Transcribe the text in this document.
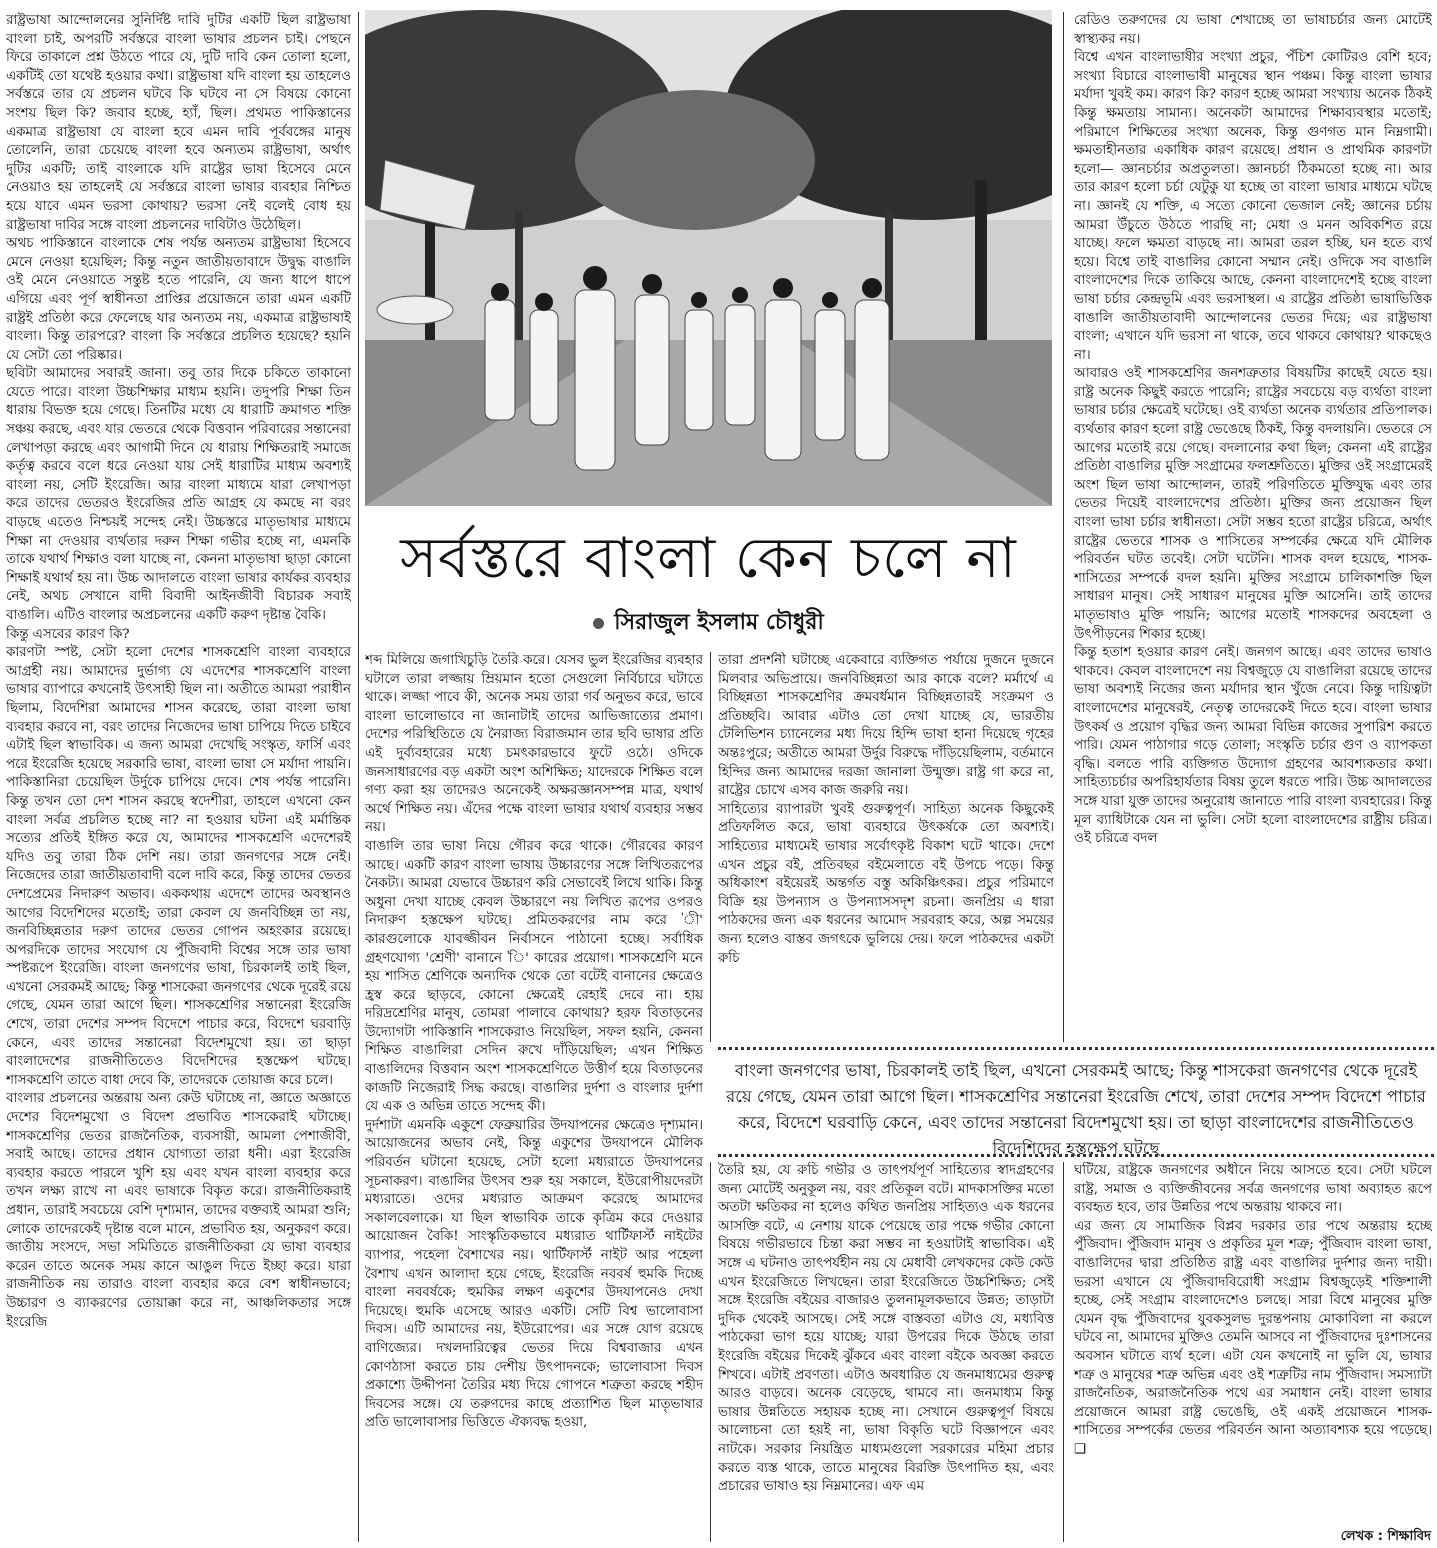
রাষ্ট্রভাষা আন্দোলনের সুনির্দিষ্ট দাবি দুটির একটি ছিল রাষ্ট্রভাষা বাংলা চাই, অপরটি সর্বস্তরে বাংলা ভাষার প্রচলন চাই। পেছনে ফিরে তাকালে প্রশ্ন উঠতে পারে যে, দুটি দাবি কেন তোলা হলো, একটিই তো যথেষ্ট হওয়ার কথা। রাষ্ট্রভাষা যদি বাংলা হয় তাহলেও সর্বস্তরে তার যে প্রচলন ঘটবে কি ঘটবে না সে বিষয়ে কোনো সংশয় ছিল কি? জবাব হচ্ছে, হ্যাঁ, ছিল। প্রথমত পাকিস্তানের একমাত্র রাষ্ট্রভাষা যে বাংলা হবে এমন দাবি পূর্ববঙ্গের মানুষ তোলেনি, তারা চেয়েছে বাংলা হবে অন্যতম রাষ্ট্রভাষা, অর্থাৎ দুটির একটি; তাই বাংলাকে যদি রাষ্ট্রের ভাষা হিসেবে মেনে নেওয়াও হয় তাহলেই যে সর্বস্তরে বাংলা ভাষার ব্যবহার নিশ্চিত হয়ে যাবে এমন ভরসা কোথায়? ভরসা নেই বলেই বোধ হয় রাষ্ট্রভাষা দাবির সঙ্গে বাংলা প্রচলনের দাবিটাও উঠেছিল।

অথচ পাকিস্তানে বাংলাকে শেষ পর্যন্ত অন্যতম রাষ্ট্রভাষা হিসেবে মেনে নেওয়া হয়েছিল; কিন্তু নতুন জাতীয়তাবাদে উদ্বুদ্ধ বাঙালি ওই মেনে নেওয়াতে সন্তুষ্ট হতে পারেনি, যে জন্য ধাপে ধাপে এগিয়ে এবং পূর্ণ স্বাধীনতা প্রাপ্তির প্রয়োজনে তারা এমন একটি রাষ্ট্রই প্রতিষ্ঠা করে ফেলেছে যার অন্যতম নয়, একমাত্র রাষ্ট্রভাষাই বাংলা। কিন্তু তারপরে? বাংলা কি সর্বস্তরে প্রচলিত হয়েছে? হয়নি যে সেটা তো পরিষ্কার।

ছবিটা আমাদের সবারই জানা। তবু তার দিকে চকিতে তাকানো যেতে পারে। বাংলা উচ্চশিক্ষার মাধ্যম হয়নি। তদুপরি শিক্ষা তিন ধারায় বিভক্ত হয়ে গেছে। তিনটির মধ্যে যে ধারাটি ক্রমাগত শক্তি সঞ্চয় করছে, এবং যার ভেতরে থেকে বিত্তবান পরিবারের সন্তানেরা লেখাপড়া করছে এবং আগামী দিনে যে ধারায় শিক্ষিতরাই সমাজে কর্তৃত্ব করবে বলে ধরে নেওয়া যায় সেই ধারাটির মাধ্যম অবশ্যই বাংলা নয়, সেটি ইংরেজি। আর বাংলা মাধ্যমে যারা লেখাপড়া করে তাদের ভেতরও ইংরেজির প্রতি আগ্রহ যে কমছে না বরং বাড়ছে এতেও নিশ্চয়ই সন্দেহ নেই। উচ্চস্তরে মাতৃভাষার মাধ্যমে শিক্ষা না দেওয়ার ব্যর্থতার দরুন শিক্ষা গভীর হচ্ছে না, এমনকি তাকে যথার্থ শিক্ষাও বলা যাচ্ছে না, কেননা মাতৃভাষা ছাড়া কোনো শিক্ষাই যথার্থ হয় না। উচ্চ আদালতে বাংলা ভাষার কার্যকর ব্যবহার নেই, অথচ সেখানে বাদী বিবাদী আইনজীবী বিচারক সবাই বাঙালি। এটিও বাংলার অপ্রচলনের একটি করুণ দৃষ্টান্ত বৈকি।

কিন্তু এসবের কারণ কি?

কারণটা স্পষ্ট, সেটা হলো দেশের শাসকশ্রেণি বাংলা ব্যবহারে আগ্রহী নয়। আমাদের দুর্ভাগ্য যে এদেশের শাসকশ্রেণি বাংলা ভাষার ব্যাপারে কখনোই উৎসাহী ছিল না। অতীতে আমরা পরাধীন ছিলাম, বিদেশিরা আমাদের শাসন করেছে, তারা বাংলা ভাষা ব্যবহার করবে না, বরং তাদের নিজেদের ভাষা চাপিয়ে দিতে চাইবে এটাই ছিল স্বাভাবিক। এ জন্য আমরা দেখেছি সংস্কৃত, ফার্সি এবং পরে ইংরেজি হয়েছে সরকারি ভাষা, বাংলা ভাষা সে মর্যাদা পায়নি। পাকিস্তানিরা চেয়েছিল উর্দুকে চাপিয়ে দেবে। শেষ পর্যন্ত পারেনি। কিন্তু তখন তো দেশ শাসন করছে স্বদেশীরা, তাহলে এখনো কেন বাংলা সর্বত্র প্রচলিত হচ্ছে না? না হওয়ার ঘটনা এই মর্মান্তিক সত্যের প্রতিই ইঙ্গিত করে যে, আমাদের শাসকশ্রেণি এদেশেরই যদিও তবু তারা ঠিক দেশি নয়। তারা জনগণের সঙ্গে নেই। নিজেদের তারা জাতীয়তাবাদী বলে দাবি করে, কিন্তু তাদের ভেতর দেশপ্রেমের নিদারুণ অভাব। এককথায় এদেশে তাদের অবস্থানও আগের বিদেশিদের মতোই; তারা কেবল যে জনবিচ্ছিন্ন তা নয়, জনবিচ্ছিন্নতার দরুণ তাদের ভেতর গোপন অহংকার রয়েছে। অপরদিকে তাদের সংযোগ যে পুঁজিবাদী বিশ্বের সঙ্গে তার ভাষা স্পষ্টরূপে ইংরেজি। বাংলা জনগণের ভাষা, চিরকালই তাই ছিল, এখনো সেরকমই আছে; কিন্তু শাসকেরা জনগণের থেকে দূরেই রয়ে গেছে, যেমন তারা আগে ছিল। শাসকশ্রেণির সন্তানেরা ইংরেজি শেখে, তারা দেশের সম্পদ বিদেশে পাচার করে, বিদেশে ঘরবাড়ি কেনে, এবং তাদের সন্তানেরা বিদেশমুখো হয়। তা ছাড়া বাংলাদেশের রাজনীতিতেও বিদেশিদের হস্তক্ষেপ ঘটছে। শাসকশ্রেণি তাতে বাধা দেবে কি, তাদেরকে তোয়াজ করে চলে।

বাংলার প্রচলনের অন্তরায় অন্য কেউ ঘটাচ্ছে না, জ্ঞাতে অজ্ঞাতে দেশের বিদেশমুখো ও বিদেশ প্রভাবিত শাসকেরাই ঘটাচ্ছে। শাসকশ্রেণির ভেতর রাজনৈতিক, ব্যবসায়ী, আমলা পেশাজীবী, সবাই আছে। তাদের প্রধান যোগ্যতা তারা ধনী। এরা ইংরেজি ব্যবহার করতে পারলে খুশি হয় এবং যখন বাংলা ব্যবহার করে তখন লক্ষ্য রাখে না এবং ভাষাকে বিকৃত করে। রাজনীতিকরাই প্রধান, তারাই সবচেয়ে বেশি দৃশ্যমান, তাদের বক্তব্যই আমরা শুনি; লোকে তাদেরকেই দৃষ্টান্ত বলে মানে, প্রভাবিত হয়, অনুকরণ করে। জাতীয় সংসদে, সভা সমিতিতে রাজনীতিকরা যে ভাষা ব্যবহার করেন তাতে অনেক সময় কানে আঙুল দিতে ইচ্ছা করে। যারা রাজনীতিক নয় তারাও বাংলা ব্যবহার করে বেশ স্বাধীনভাবে; উচ্চারণ ও ব্যাকরণের তোয়াক্কা করে না, আঞ্চলিকতার সঙ্গে ইংরেজি

সর্বস্তরে বাংলা কেন চলে না
সিরাজুল ইসলাম চৌধুরী

শব্দ মিলিয়ে জগাখিচুড়ি তৈরি করে। যেসব ভুল ইংরেজির ব্যবহার ঘটালে তারা লজ্জায় ম্রিয়মান হতো সেগুলো নির্বিচারে ঘটাতে থাকে। লজ্জা পাবে কী, অনেক সময় তারা গর্ব অনুভব করে, ভাবে বাংলা ভালোভাবে না জানাটাই তাদের আভিজাত্যের প্রমাণ। দেশের পরিস্থিতিতে যে নৈরাজ্য বিরাজমান তার ছবি ভাষার প্রতি এই দুর্ব্যবহারের মধ্যে চমৎকারভাবে ফুটে ওঠে। ওদিকে জনসাধারণের বড় একটা অংশ অশিক্ষিত; যাদেরকে শিক্ষিত বলে গণ্য করা হয় তাদেরও অনেকেই অক্ষরজ্ঞানসম্পন্ন মাত্র, যথার্থ অর্থে শিক্ষিত নয়। এঁদের পক্ষে বাংলা ভাষার যথার্থ ব্যবহার সম্ভব নয়।

বাঙালি তার ভাষা নিয়ে গৌরব করে থাকে। গৌরবের কারণ আছে। একটি কারণ বাংলা ভাষায় উচ্চারণের সঙ্গে লিখিতরূপের নৈকট্য। আমরা যেভাবে উচ্চারণ করি সেভাবেই লিখে থাকি। কিন্তু অধুনা দেখা যাচ্ছে কেবল উচ্চারণে নয় লিখিত রূপের ওপরও নিদারুণ হস্তক্ষেপ ঘটছে। প্রমিতকরণের নাম করে 'ী' কারগুলোকে যাবজ্জীবন নির্বাসনে পাঠানো হচ্ছে। সর্বাধিক গ্রহণযোগ্য 'শ্রেণী' বানানে 'ি' কারের প্রয়োগ। শাসকশ্রেণি মনে হয় শাসিত শ্রেণিকে অন্যদিক থেকে তো বটেই বানানের ক্ষেত্রেও হ্রস্ব করে ছাড়বে, কোনো ক্ষেত্রেই রেহাই দেবে না। হায় দরিদ্রশ্রেণির মানুষ, তোমরা পালাবে কোথায়? হরফ বিতাড়নের উদ্যোগটা পাকিস্তানি শাসকেরাও নিয়েছিল, সফল হয়নি, কেননা শিক্ষিত বাঙালিরা সেদিন রুখে দাঁড়িয়েছিল; এখন শিক্ষিত বাঙালিদের বিত্তবান অংশ শাসকশ্রেণিতে উত্তীর্ণ হয়ে বিতাড়নের কাজটি নিজেরাই সিদ্ধ করছে। বাঙালির দুর্দশা ও বাংলার দুর্দশা যে এক ও অভিন্ন তাতে সন্দেহ কী।

দুর্দশাটা এমনকি একুশে ফেব্রুয়ারির উদযাপনের ক্ষেত্রেও দৃশ্যমান। আয়োজনের অভাব নেই, কিন্তু একুশের উদযাপনে মৌলিক পরিবর্তন ঘটানো হয়েছে, সেটা হলো মধ্যরাতে উদযাপনের সূচনাকরণ। বাঙালির উৎসব শুরু হয় সকালে, ইউরোপীয়দেরটা মধ্যরাতে। ওদের মধ্যরাত আক্রমণ করেছে আমাদের সকালবেলাকে। যা ছিল স্বাভাবিক তাকে কৃত্রিম করে দেওয়ার আয়োজন বৈকি! সাংস্কৃতিকভাবে মধ্যরাত থার্টিফার্স্ট নাইটের ব্যাপার, পহেলা বৈশাখের নয়। থার্টিফার্স্ট নাইট আর পহেলা বৈশাখ এখন আলাদা হয়ে গেছে, ইংরেজি নববর্ষ হুমকি দিচ্ছে বাংলা নববর্ষকে; হুমকির লক্ষণ একুশের উদযাপনেও দেখা দিয়েছে। হুমকি এসেছে আরও একটি। সেটি বিশ্ব ভালোবাসা দিবস। এটি আমাদের নয়, ইউরোপের। এর সঙ্গে যোগ রয়েছে বাণিজ্যের। দখলদারিত্বের ভেতর দিয়ে বিশ্ববাজার এখন কোণঠাসা করতে চায় দেশীয় উৎপাদনকে; ভালোবাসা দিবস প্রকাশ্যে উদ্দীপনা তৈরির মধ্য দিয়ে গোপনে শত্রুতা করছে শহীদ দিবসের সঙ্গে। যে তরুণদের কাছে প্রত্যাশিত ছিল মাতৃভাষার প্রতি ভালোবাসার ভিত্তিতে ঐক্যবদ্ধ হওয়া,

তারা প্রদর্শনী ঘটাচ্ছে একেবারে ব্যক্তিগত পর্যায়ে দুজনে দুজনে মিলবার অভিপ্রায়ে। জনবিচ্ছিন্নতা আর কাকে বলে? মর্মার্থে এ বিচ্ছিন্নতা শাসকশ্রেণির ক্রমবর্ধমান বিচ্ছিন্নতারই সংক্রমণ ও প্রতিচ্ছবি। আবার এটাও তো দেখা যাচ্ছে যে, ভারতীয় টেলিভিশন চ্যানেলের মধ্য দিয়ে হিন্দি ভাষা হানা দিয়েছে গৃহের অন্তঃপুরে; অতীতে আমরা উর্দুর বিরুদ্ধে দাঁড়িয়েছিলাম, বর্তমানে হিন্দির জন্য আমাদের দরজা জানালা উন্মুক্ত। রাষ্ট্র গা করে না, রাষ্ট্রের চোখে এসব কাজ জরুরি নয়।

সাহিত্যের ব্যাপারটা খুবই গুরুত্বপূর্ণ। সাহিত্য অনেক কিছুকেই প্রতিফলিত করে, ভাষা ব্যবহারে উৎকর্ষকে তো অবশ্যই। সাহিত্যের মাধ্যমেই ভাষার সর্বোৎকৃষ্ট বিকাশ ঘটে থাকে। দেশে এখন প্রচুর বই, প্রতিবছর বইমেলাতে বই উপচে পড়ে। কিন্তু অধিকাংশ বইয়েরই অন্তর্গত বস্তু অকিঞ্চিৎকর। প্রচুর পরিমাণে বিক্রি হয় উপন্যাস ও উপন্যাসসদৃশ রচনা। জনপ্রিয় এ ধারা পাঠকদের জন্য এক ধরনের আমোদ সরবরাহ করে, অল্প সময়ের জন্য হলেও বাস্তব জগৎকে ভুলিয়ে দেয়। ফলে পাঠকদের একটা রুচি

রেডিও তরুণদের যে ভাষা শেখাচ্ছে তা ভাষাচর্চার জন্য মোটেই স্বাস্থ্যকর নয়।

বিশ্বে এখন বাংলাভাষীর সংখ্যা প্রচুর, পঁচিশ কোটিরও বেশি হবে; সংখ্যা বিচারে বাংলাভাষী মানুষের স্থান পঞ্চম। কিন্তু বাংলা ভাষার মর্যাদা খুবই কম। কারণ কি? কারণ হচ্ছে আমরা সংখ্যায় অনেক ঠিকই কিন্তু ক্ষমতায় সামান্য। অনেকটা আমাদের শিক্ষাব্যবস্থার মতোই; পরিমাণে শিক্ষিতের সংখ্যা অনেক, কিন্তু গুণগত মান নিম্নগামী। ক্ষমতাহীনতার একাধিক কারণ রয়েছে। প্রধান ও প্রাথমিক কারণটা হলো— জ্ঞানচর্চার অপ্রতুলতা। জ্ঞানচর্চা ঠিকমতো হচ্ছে না। আর তার কারণ হলো চর্চা যেটুকু যা হচ্ছে তা বাংলা ভাষার মাধ্যমে ঘটছে না। জ্ঞানই যে শক্তি, এ সত্যে কোনো ভেজাল নেই; জ্ঞানের চর্চায় আমরা উঁচুতে উঠতে পারছি না; মেধা ও মনন অবিকশিত রয়ে যাচ্ছে। ফলে ক্ষমতা বাড়ছে না। আমরা তরল হচ্ছি, ঘন হতে ব্যর্থ হয়ে। বিশ্বে তাই বাঙালির কোনো সম্মান নেই। ওদিকে সব বাঙালি বাংলাদেশের দিকে তাকিয়ে আছে, কেননা বাংলাদেশেই হচ্ছে বাংলা ভাষা চর্চার কেন্দ্রভূমি এবং ভরসাস্থল। এ রাষ্ট্রের প্রতিষ্ঠা ভাষাভিত্তিক বাঙালি জাতীয়তাবাদী আন্দোলনের ভেতর দিয়ে; এর রাষ্ট্রভাষা বাংলা; এখানে যদি ভরসা না থাকে, তবে থাকবে কোথায়? থাকছেও না।

আবারও ওই শাসকশ্রেণির জনশত্রুতার বিষয়টির কাছেই যেতে হয়। রাষ্ট্র অনেক কিছুই করতে পারেনি; রাষ্ট্রের সবচেয়ে বড় ব্যর্থতা বাংলা ভাষার চর্চার ক্ষেত্রেই ঘটেছে। ওই ব্যর্থতা অনেক ব্যর্থতার প্রতিপালক। ব্যর্থতার কারণ হলো রাষ্ট্র ভেঙেছে ঠিকই, কিন্তু বদলায়নি। ভেতরে সে আগের মতোই রয়ে গেছে। বদলানোর কথা ছিল; কেননা এই রাষ্ট্রের প্রতিষ্ঠা বাঙালির মুক্তি সংগ্রামের ফলশ্রুতিতে। মুক্তির ওই সংগ্রামেরই অংশ ছিল ভাষা আন্দোলন, তারই পরিণতিতে মুক্তিযুদ্ধ এবং তার ভেতর দিয়েই বাংলাদেশের প্রতিষ্ঠা। মুক্তির জন্য প্রয়োজন ছিল বাংলা ভাষা চর্চার স্বাধীনতা। সেটা সম্ভব হতো রাষ্ট্রের চরিত্রে, অর্থাৎ রাষ্ট্রের ভেতরে শাসক ও শাসিতের সম্পর্কের ক্ষেত্রে যদি মৌলিক পরিবর্তন ঘটত তবেই। সেটা ঘটেনি। শাসক বদল হয়েছে, শাসক-শাসিতের সম্পর্কে বদল হয়নি। মুক্তির সংগ্রামে চালিকাশক্তি ছিল সাধারণ মানুষ। সেই সাধারণ মানুষের মুক্তি আসেনি। তাই তাদের মাতৃভাষাও মুক্তি পায়নি; আগের মতোই শাসকদের অবহেলা ও উৎপীড়নের শিকার হচ্ছে।

কিন্তু হতাশ হওয়ার কারণ নেই। জনগণ আছে। এবং তাদের ভাষাও থাকবে। কেবল বাংলাদেশে নয় বিশ্বজুড়ে যে বাঙালিরা রয়েছে তাদের ভাষা অবশ্যই নিজের জন্য মর্যাদার স্থান খুঁজে নেবে। কিন্তু দায়িত্বটা বাংলাদেশের মানুষেরই, নেতৃত্ব তাদেরকেই দিতে হবে। বাংলা ভাষার উৎকর্ষ ও প্রয়োগ বৃদ্ধির জন্য আমরা বিভিন্ন কাজের সুপারিশ করতে পারি। যেমন পাঠাগার গড়ে তোলা; সংস্কৃতি চর্চার গুণ ও ব্যাপকতা বৃদ্ধি। বলতে পারি ব্যক্তিগত উদ্যোগ গ্রহণের আবশ্যকতার কথা। সাহিত্যচর্চার অপরিহার্যতার বিষয় তুলে ধরতে পারি। উচ্চ আদালতের সঙ্গে যারা যুক্ত তাদের অনুরোধ জানাতে পারি বাংলা ব্যবহারের। কিন্তু মূল ব্যাধিটাকে যেন না ভুলি। সেটা হলো বাংলাদেশের রাষ্ট্রীয় চরিত্র। ওই চরিত্রে বদল

বাংলা জনগণের ভাষা, চিরকালই তাই ছিল, এখনো সেরকমই আছে; কিন্তু শাসকেরা জনগণের থেকে দূরেই রয়ে গেছে, যেমন তারা আগে ছিল। শাসকশ্রেণির সন্তানেরা ইংরেজি শেখে, তারা দেশের সম্পদ বিদেশে পাচার করে, বিদেশে ঘরবাড়ি কেনে, এবং তাদের সন্তানেরা বিদেশমুখো হয়। তা ছাড়া বাংলাদেশের রাজনীতিতেও বিদেশিদের হস্তক্ষেপ ঘটছে

তৈরি হয়, যে রুচি গভীর ও তাৎপর্যপূর্ণ সাহিত্যের স্বাদগ্রহণের জন্য মোটেই অনুকূল নয়, বরং প্রতিকূল বটে। মাদকাসক্তির মতো অতটা ক্ষতিকর না হলেও কথিত জনপ্রিয় সাহিত্যও এক ধরনের আসক্তি বটে, এ নেশায় যাকে পেয়েছে তার পক্ষে গভীর কোনো বিষয়ে গভীরভাবে চিন্তা করা সম্ভব না হওয়াটাই স্বাভাবিক। এই সঙ্গে এ ঘটনাও তাৎপর্যহীন নয় যে মেধাবী লেখকদের কেউ কেউ এখন ইংরেজিতে লিখছেন। তারা ইংরেজিতে উচ্চশিক্ষিত; সেই সঙ্গে ইংরেজি বইয়ের বাজারও তুলনামূলকভাবে উন্নত; তাড়াটা দুদিক থেকেই আসছে। সেই সঙ্গে বাস্তবতা এটাও যে, মধ্যবিত্ত পাঠকেরা ভাগ হয়ে যাচ্ছে; যারা উপরের দিকে উঠছে তারা ইংরেজি বইয়ের দিকেই ঝুঁকবে এবং বাংলা বইকে অবজ্ঞা করতে শিখবে। এটাই প্রবণতা। এটাও অবধারিত যে জনমাধ্যমের গুরুত্ব আরও বাড়বে। অনেক বেড়েছে, থামবে না। জনমাধ্যম কিন্তু ভাষার উন্নতিতে সহায়ক হচ্ছে না। সেখানে গুরুত্বপূর্ণ বিষয়ে আলোচনা তো হয়ই না, ভাষা বিকৃতি ঘটে বিজ্ঞাপনে এবং নাটকে। সরকার নিয়ন্ত্রিত মাধ্যমগুলো সরকারের মহিমা প্রচার করতে ব্যস্ত থাকে, তাতে মানুষের বিরক্তি উৎপাদিত হয়, এবং প্রচারের ভাষাও হয় নিম্নমানের। এফ এম

ঘটিয়ে, রাষ্ট্রকে জনগণের অধীনে নিয়ে আসতে হবে। সেটা ঘটলে রাষ্ট্র, সমাজ ও ব্যক্তিজীবনের সর্বত্র জনগণের ভাষা অব্যাহত রূপে ব্যবহৃত হবে, তার উন্নতির পথে অন্তরায় থাকবে না।

এর জন্য যে সামাজিক বিপ্লব দরকার তার পথে অন্তরায় হচ্ছে পুঁজিবাদ। পুঁজিবাদ মানুষ ও প্রকৃতির মূল শত্রু; পুঁজিবাদ বাংলা ভাষা, বাঙালিদের দ্বারা প্রতিষ্ঠিত রাষ্ট্র এবং বাঙালির দুর্দশার জন্য দায়ী। ভরসা এখানে যে পুঁজিবাদবিরোধী সংগ্রাম বিশ্বজুড়েই শক্তিশালী হচ্ছে, সেই সংগ্রাম বাংলাদেশেও চলছে। সারা বিশ্বে মানুষের মুক্তি যেমন বৃদ্ধ পুঁজিবাদের যুবকসুলভ দুরন্তপনায় মোকাবিলা না করলে ঘটবে না, আমাদের মুক্তিও তেমনি আসবে না পুঁজিবাদের দুঃশাসনের অবসান ঘটাতে ব্যর্থ হলে। এটা যেন কখনোই না ভুলি যে, ভাষার শত্রু ও মানুষের শত্রু অভিন্ন এবং ওই শত্রুটির নাম পুঁজিবাদ। সমস্যাটা রাজনৈতিক, অরাজনৈতিক পথে এর সমাধান নেই। বাংলা ভাষার প্রয়োজনে আমরা রাষ্ট্র ভেঙেছি, ওই একই প্রয়োজনে শাসক-শাসিতের সম্পর্কের ভেতর পরিবর্তন আনা অত্যাবশ্যক হয়ে পড়েছে। ❏

লেখক : শিক্ষাবিদ
